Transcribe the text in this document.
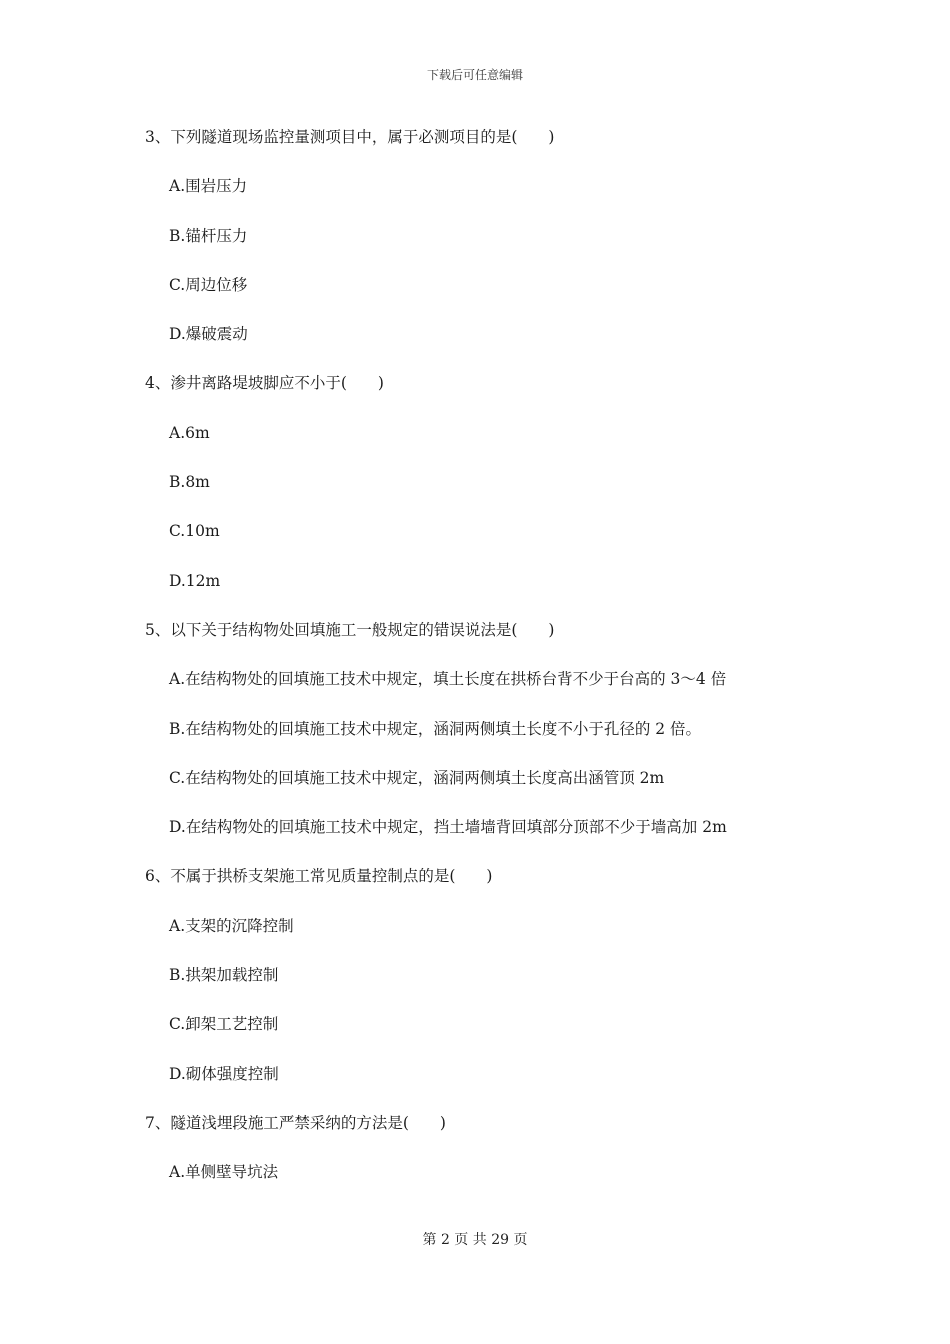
下载后可任意编辑
3、下列隧道现场监控量测项目中，属于必测项目的是(　　)
A.围岩压力
B.锚杆压力
C.周边位移
D.爆破震动
4、渗井离路堤坡脚应不小于(　　)
A.6m
B.8m
C.10m
D.12m
5、以下关于结构物处回填施工一般规定的错误说法是(　　)
A.在结构物处的回填施工技术中规定，填土长度在拱桥台背不少于台高的 3～4 倍
B.在结构物处的回填施工技术中规定，涵洞两侧填土长度不小于孔径的 2 倍。
C.在结构物处的回填施工技术中规定，涵洞两侧填土长度高出涵管顶 2m
D.在结构物处的回填施工技术中规定，挡土墙墙背回填部分顶部不少于墙高加 2m
6、不属于拱桥支架施工常见质量控制点的是(　　)
A.支架的沉降控制
B.拱架加载控制
C.卸架工艺控制
D.砌体强度控制
7、隧道浅埋段施工严禁采纳的方法是(　　)
A.单侧壁导坑法
第 2 页 共 29 页
